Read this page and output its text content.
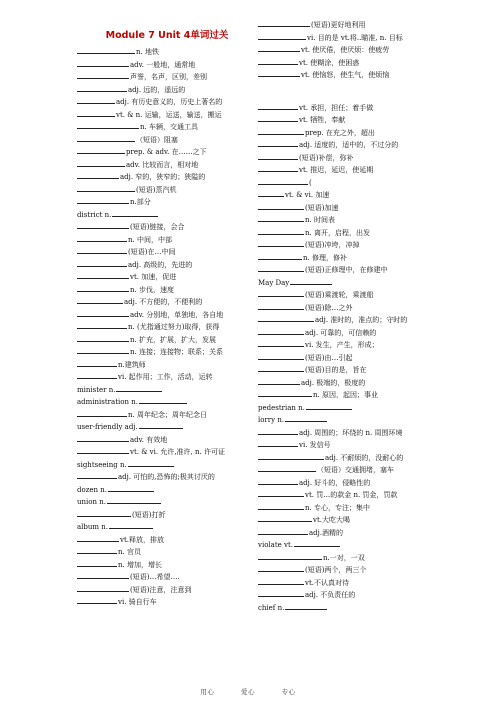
Module 7 Unit 4单词过关
n. 地铁
adv. 一般地，通常地
声誉，名声，区别，差别
adj. 远的，遥远的
adj. 有历史意义的，历史上著名的
vt. & n. 运输，运送，输送，搬运
n. 车辆，交通工具
（短语）阻塞
prep. & adv. 在……之下
adv. 比较而言，相对地
adj. 窄的，狭窄的；狭隘的
(短语)蒸汽机
n.部分
district n.
(短语)链接，会合
n. 中间，中部
(短语)在…中间
adj. 高级的，先进的
vt. 加速，促进
n. 步伐，速度
adj. 不方便的，不便利的
adv. 分别地，单独地，各自地
n. (尤指通过努力)取得，获得
n. 扩充，扩展，扩大，发展
n. 连接；连接物；联系；关系
n.建筑师
vi. 起作用；工作，活动，运转
minister n.
administration n.
n. 周年纪念；周年纪念日
user-friendly adj.
adv. 有效地
vt. & vi. 允许,准许, n. 许可证
sightseeing n.
adj. 可怕的,恐怖的;极其讨厌的
dozen n.
union n.
(短语)打折
album n.
vt.释放，排放
n. 官员
n. 增加，增长
(短语)…希望….
(短语)注意，注意到
vi. 骑自行车
(短语)更好地利用
vi. 目的是 vt.将..瞄准, n. 目标
vt. 使厌倦，使厌烦：使疲劳
vt. 使糊涂，使困惑
vt. 使恼怒，使生气，使烦恼
vt. 承担，担任；着手做
vt. 牺牲，奉献
prep. 在充之外，超出
adj. 适度的，适中的，不过分的
(短语)补偿，弥补
vt. 推迟，延迟，使延期
(
vt. & vi. 加速
(短语)加速
n. 时间表
n. 离开，启程，出发
(短语)冲垮，冲掉
n. 修理，修补
(短语)正修理中，在修建中
May Day
(短语)乘渡轮，乘渡船
(短语)除…之外
adj. 准时的，准点的；守时的
adj. 可靠的，可信赖的
vi. 发生，产生，形成；
(短语)由…引起
(短语)目的是，旨在
adj. 极端的，极度的
n. 原因，起因；事业
pedestrian n.
lorry n.
adj. 周围的；环绕的 n. 周围环境
vi. 发信号
adj. 不耐烦的，没耐心的
（短语）交通拥堵，塞车
adj. 好斗的，侵略性的
vt. 罚…的款金 n. 罚金，罚款
n. 专心，专注；集中
vt.大吃大喝
adj.酒精的
violate vt.
n.一对，一双
(短语)两个，两三个
vt.不认真对待
adj. 不负责任的
chief n.
用心	爱心	专心
